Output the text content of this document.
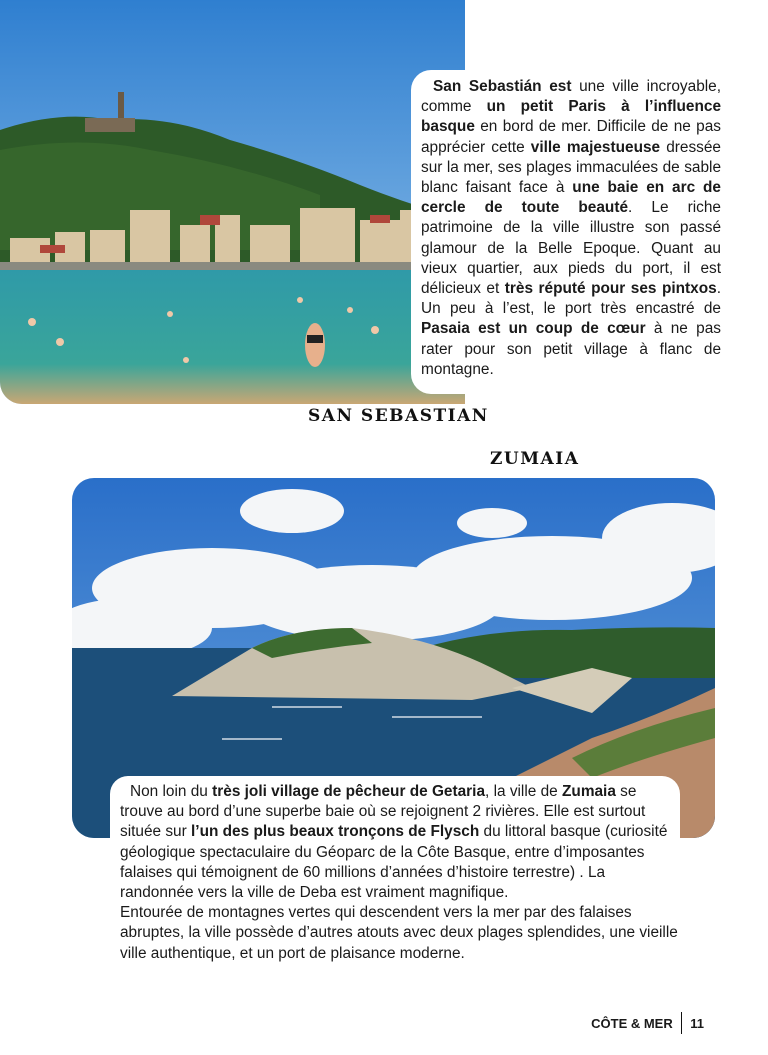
San Sebastián est une ville incroyable, comme un petit Paris à l’influence basque en bord de mer. Difficile de ne pas apprécier cette ville majestueuse dressée sur la mer, ses plages immaculées de sable blanc faisant face à une baie en arc de cercle de toute beauté. Le riche patrimoine de la ville illustre son passé glamour de la Belle Epoque. Quant au vieux quartier, aux pieds du port, il est délicieux et très réputé pour ses pintxos. Un peu à l’est, le port très encastré de Pasaia est un coup de cœur à ne pas rater pour son petit village à flanc de montagne.

SAN SEBASTIAN
ZUMAIA

Non loin du très joli village de pêcheur de Getaria, la ville de Zumaia se trouve au bord d’une superbe baie où se rejoignent 2 rivières. Elle est surtout située sur l’un des plus beaux tronçons de Flysch du littoral basque (curiosité géologique spectaculaire du Géoparc de la Côte Basque, entre d’imposantes falaises qui témoignent de 60 millions d’années d’histoire terrestre) . La randonnée vers la ville de Deba est vraiment magnifique.

Entourée de montagnes vertes qui descendent vers la mer par des falaises abruptes, la ville possède d’autres atouts avec deux plages splendides, une vieille ville authentique, et un port de plaisance moderne.

CÔTE & MER 11
